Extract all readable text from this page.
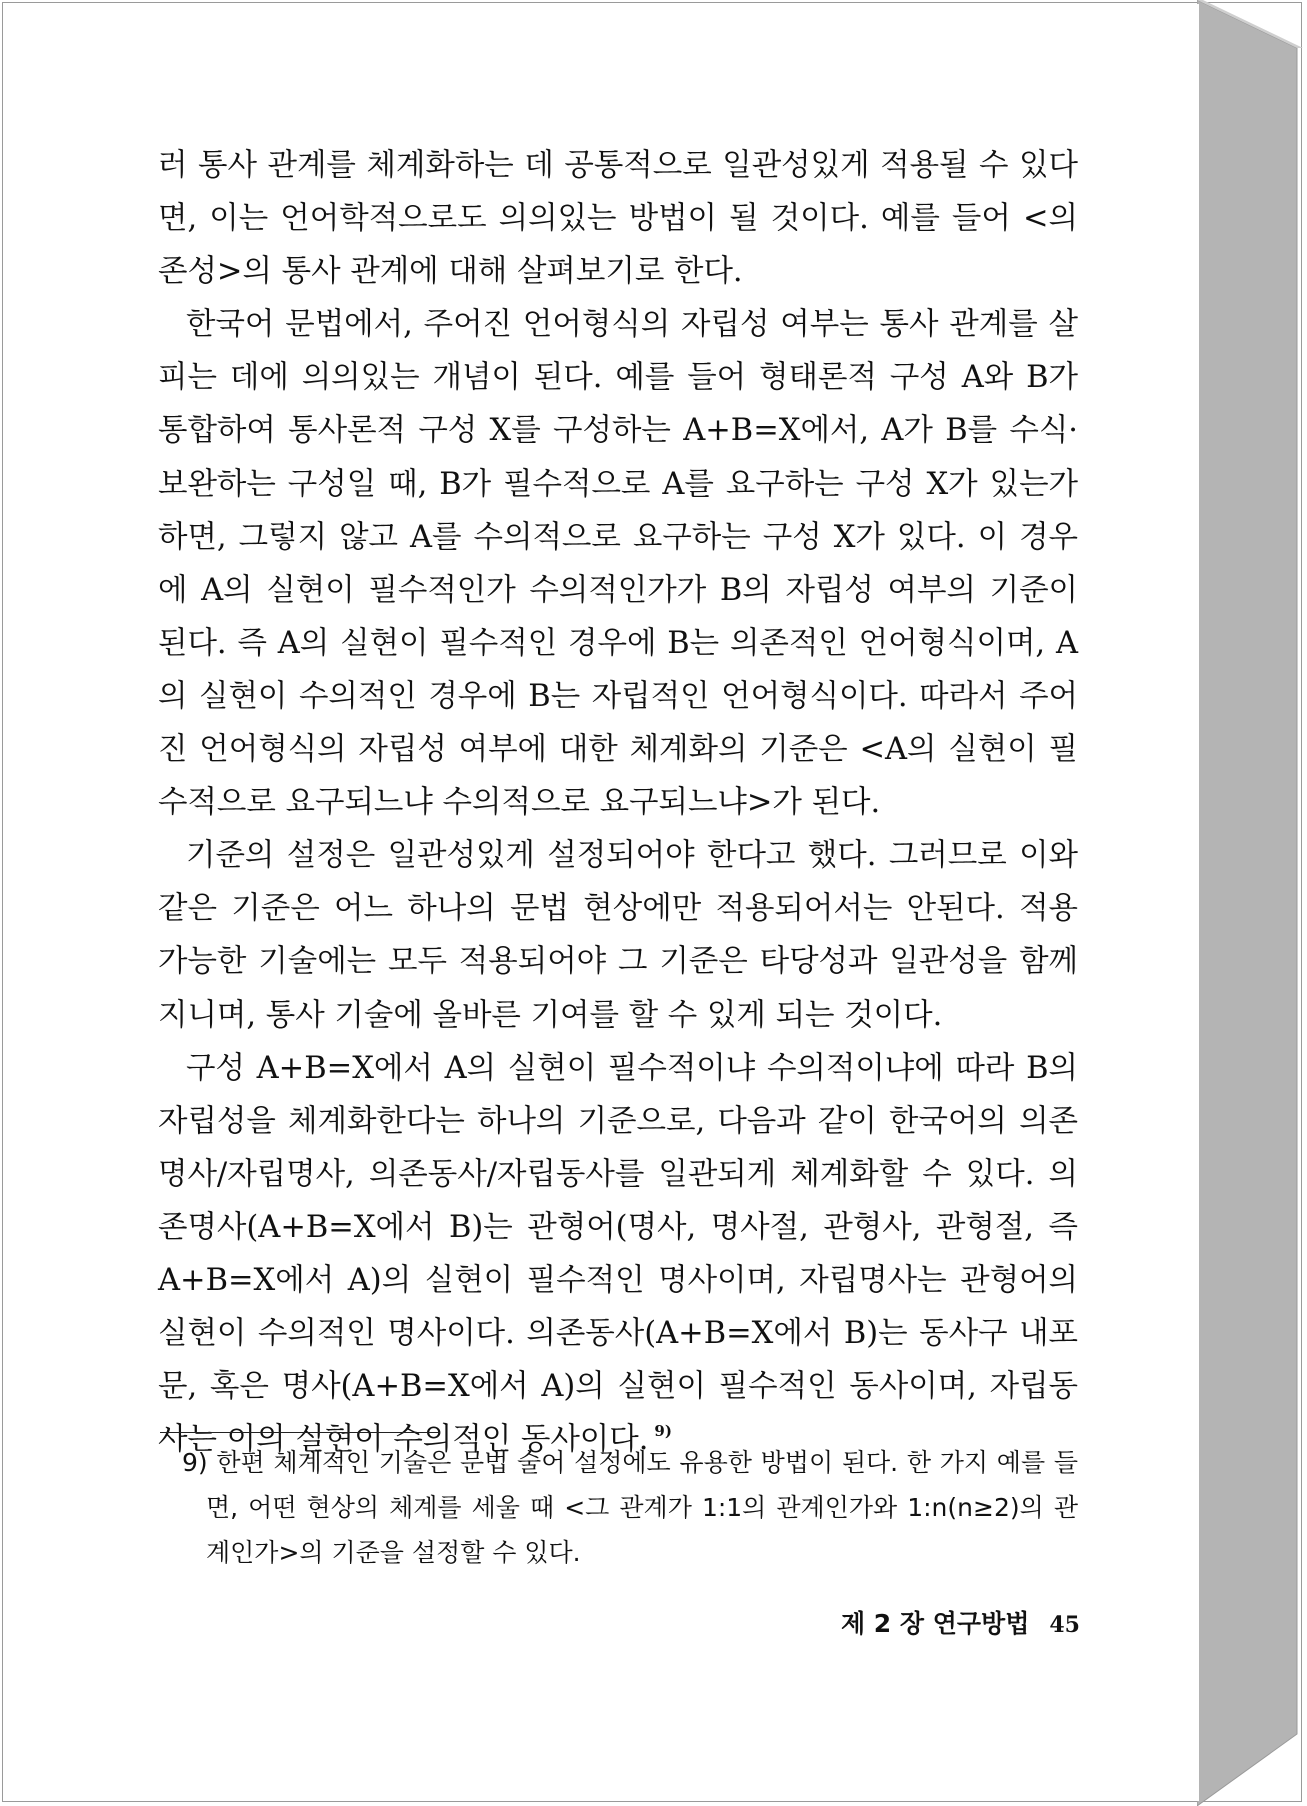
러 통사 관계를 체계화하는 데 공통적으로 일관성있게 적용될 수 있다면, 이는 언어학적으로도 의의있는 방법이 될 것이다. 예를 들어 <의존성>의 통사 관계에 대해 살펴보기로 한다.

한국어 문법에서, 주어진 언어형식의 자립성 여부는 통사 관계를 살피는 데에 의의있는 개념이 된다. 예를 들어 형태론적 구성 A와 B가 통합하여 통사론적 구성 X를 구성하는 A+B=X에서, A가 B를 수식·보완하는 구성일 때, B가 필수적으로 A를 요구하는 구성 X가 있는가 하면, 그렇지 않고 A를 수의적으로 요구하는 구성 X가 있다. 이 경우에 A의 실현이 필수적인가 수의적인가가 B의 자립성 여부의 기준이 된다. 즉 A의 실현이 필수적인 경우에 B는 의존적인 언어형식이며, A의 실현이 수의적인 경우에 B는 자립적인 언어형식이다. 따라서 주어진 언어형식의 자립성 여부에 대한 체계화의 기준은 <A의 실현이 필수적으로 요구되느냐 수의적으로 요구되느냐>가 된다.

기준의 설정은 일관성있게 설정되어야 한다고 했다. 그러므로 이와 같은 기준은 어느 하나의 문법 현상에만 적용되어서는 안된다. 적용 가능한 기술에는 모두 적용되어야 그 기준은 타당성과 일관성을 함께 지니며, 통사 기술에 올바른 기여를 할 수 있게 되는 것이다.

구성 A+B=X에서 A의 실현이 필수적이냐 수의적이냐에 따라 B의 자립성을 체계화한다는 하나의 기준으로, 다음과 같이 한국어의 의존명사/자립명사, 의존동사/자립동사를 일관되게 체계화할 수 있다. 의존명사(A+B=X에서 B)는 관형어(명사, 명사절, 관형사, 관형절, 즉 A+B=X에서 A)의 실현이 필수적인 명사이며, 자립명사는 관형어의 실현이 수의적인 명사이다. 의존동사(A+B=X에서 B)는 동사구 내포문, 혹은 명사(A+B=X에서 A)의 실현이 필수적인 동사이며, 자립동사는 이의 실현이 수의적인 동사이다. $^{9)}$

9) 한편 체계적인 기술은 문법 술어 설정에도 유용한 방법이 된다. 한 가지 예를 들면, 어떤 현상의 체계를 세울 때 <그 관계가 1:1의 관계인가와 1:n(n≥2)의 관계인가>의 기준을 설정할 수 있다.
제 2 장 연구방법 45
